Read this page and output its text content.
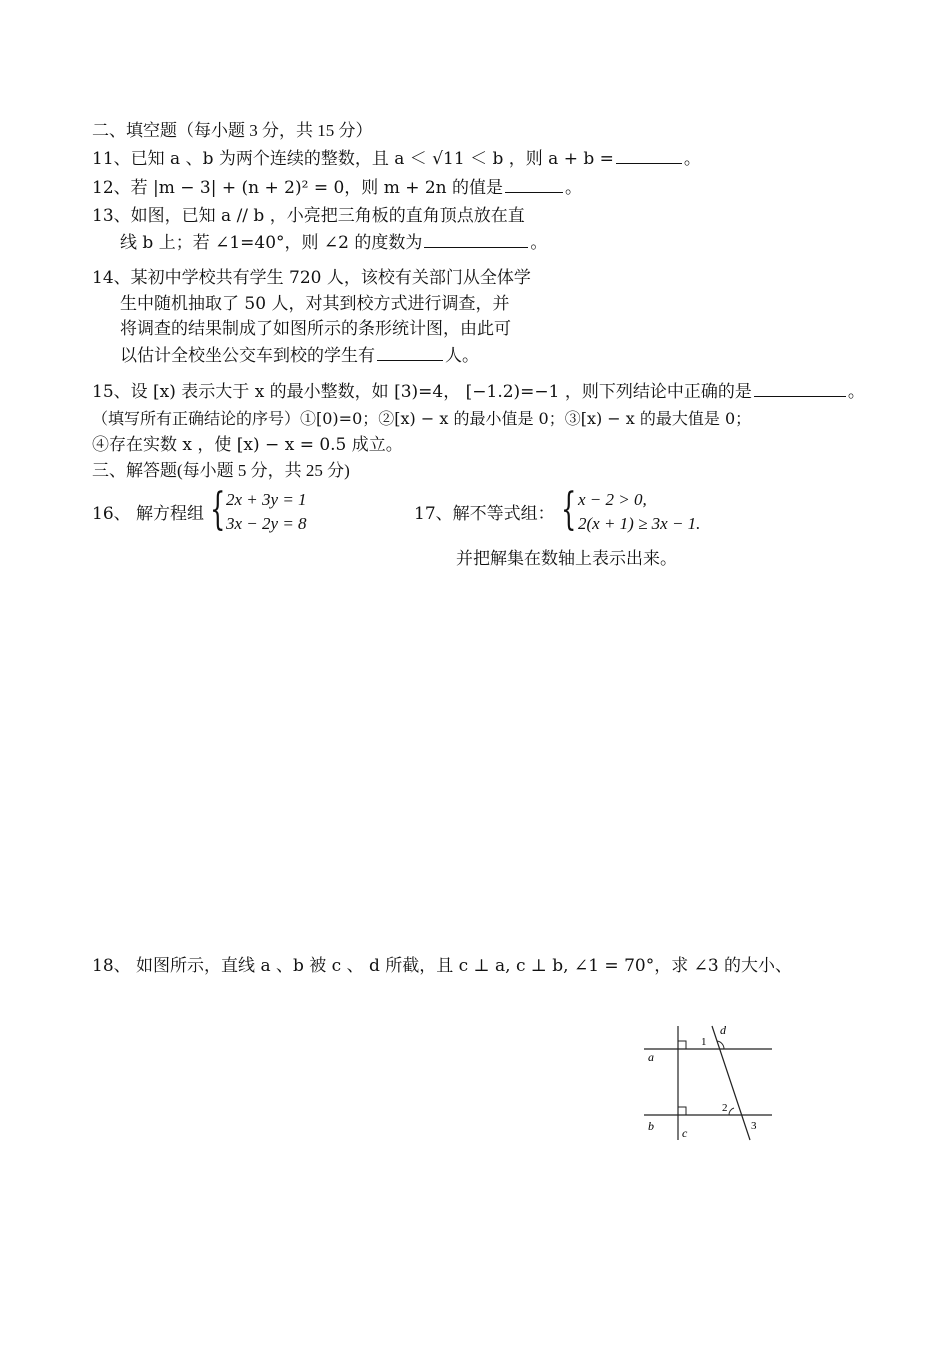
二、填空题（每小题 3 分，共 15 分）
11、已知 a 、b 为两个连续的整数，且 a ＜ √11 ＜ b ，则 a + b =	。
12、若 |m − 3| + (n + 2)² = 0，则 m + 2n 的值是	。
13、如图，已知 a // b ，小亮把三角板的直角顶点放在直
线 b 上；若 ∠1=40°，则 ∠2 的度数为	。
14、某初中学校共有学生 720 人，该校有关部门从全体学
生中随机抽取了 50 人，对其到校方式进行调查，并
将调查的结果制成了如图所示的条形统计图，由此可
以估计全校坐公交车到校的学生有	人。
15、设 [x) 表示大于 x 的最小整数，如 [3)=4， [−1.2)=−1 ，则下列结论中正确的是	。
（填写所有正确结论的序号）①[0)=0；②[x) − x 的最小值是 0；③[x) − x 的最大值是 0；
④存在实数 x ，使 [x) − x = 0.5 成立。
三、解答题(每小题 5 分，共 25 分)
16、 解方程组 { 2x + 3y = 1
3x − 2y = 8	17、解不等式组： { x − 2 > 0,
2(x + 1) ≥ 3x − 1.
并把解集在数轴上表示出来。
18、 如图所示，直线 a 、b 被 c 、 d 所截，且 c ⊥ a, c ⊥ b, ∠1 = 70°，求 ∠3 的大小、
a
b c
d
1
2
3
